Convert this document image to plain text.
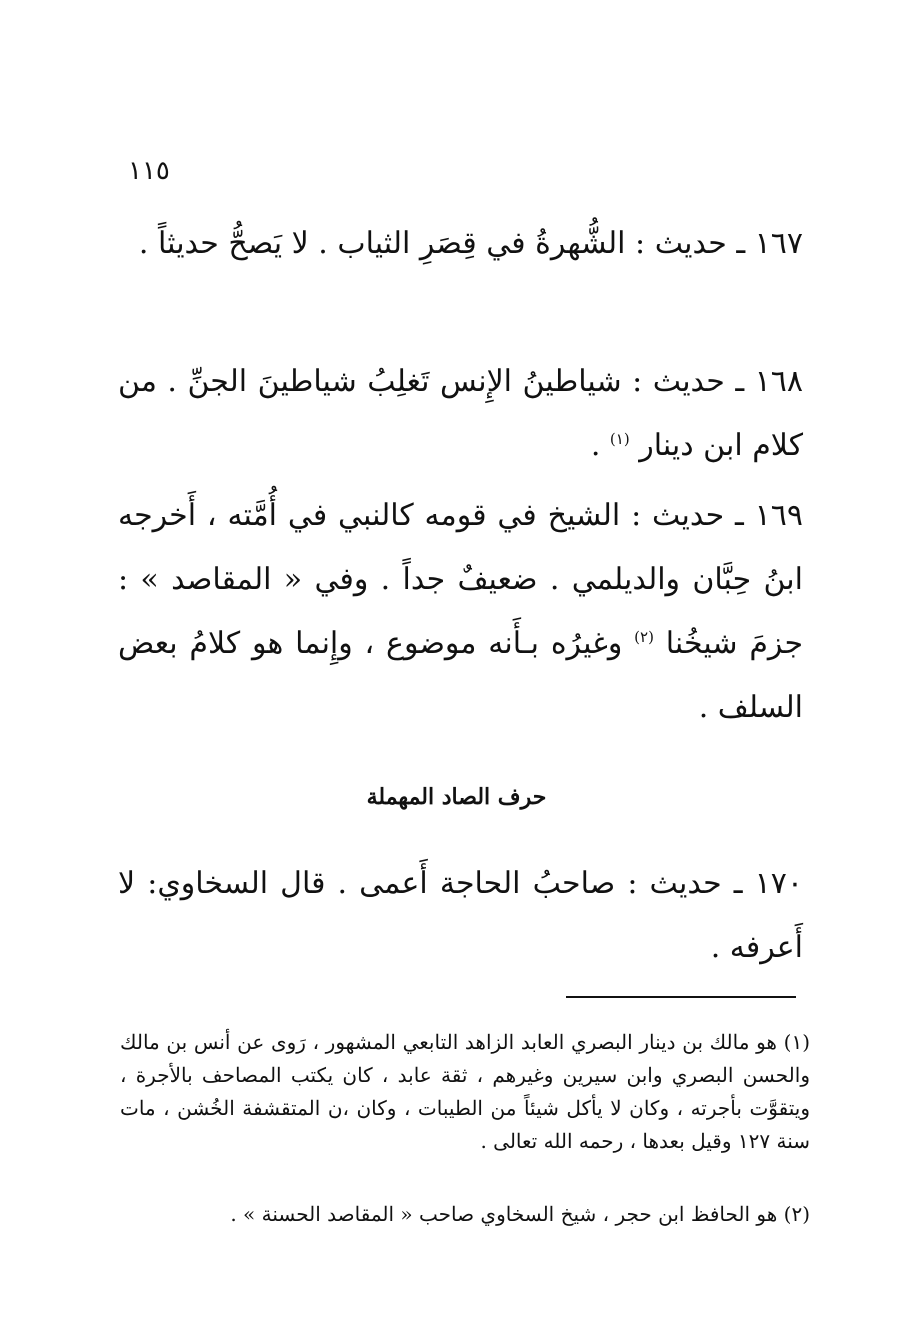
١١٥

١٦٧ ـ حديث : الشُّهرةُ في قِصَرِ الثياب . لا يَصحُّ حديثاً .

١٦٨ ـ حديث : شياطينُ الإِنس تَغلِبُ شياطينَ الجنِّ . من كلام ابن دينار $^{(١)}$ .

١٦٩ ـ حديث : الشيخ في قومه كالنبي في أُمَّته ، أَخرجه ابنُ حِبَّان والديلمي . ضعيفٌ جداً . وفي « المقاصد » : جزمَ شيخُنا $^{(٢)}$ وغيرُه بـأَنه موضوع ، وإِنما هو كلامُ بعض السلف .

حرف الصاد المهملة

١٧٠ ـ حديث : صاحبُ الحاجة أَعمى . قال السخاوي: لا أَعرفه .

(١) هو مالك بن دينار البصري العابد الزاهد التابعي المشهور ، رَوى عن أنس بن مالك والحسن البصري وابن سيرين وغيرهم ، ثقة عابد ، كان يكتب المصاحف بالأجرة ، ويتقوَّت بأجرته ، وكان لا يأكل شيئاً من الطيبات ، وكان ،ن المتقشفة الخُشن ، مات سنة ١٢٧ وقيل بعدها ، رحمه الله تعالى .

(٢) هو الحافظ ابن حجر ، شيخ السخاوي صاحب « المقاصد الحسنة » .
